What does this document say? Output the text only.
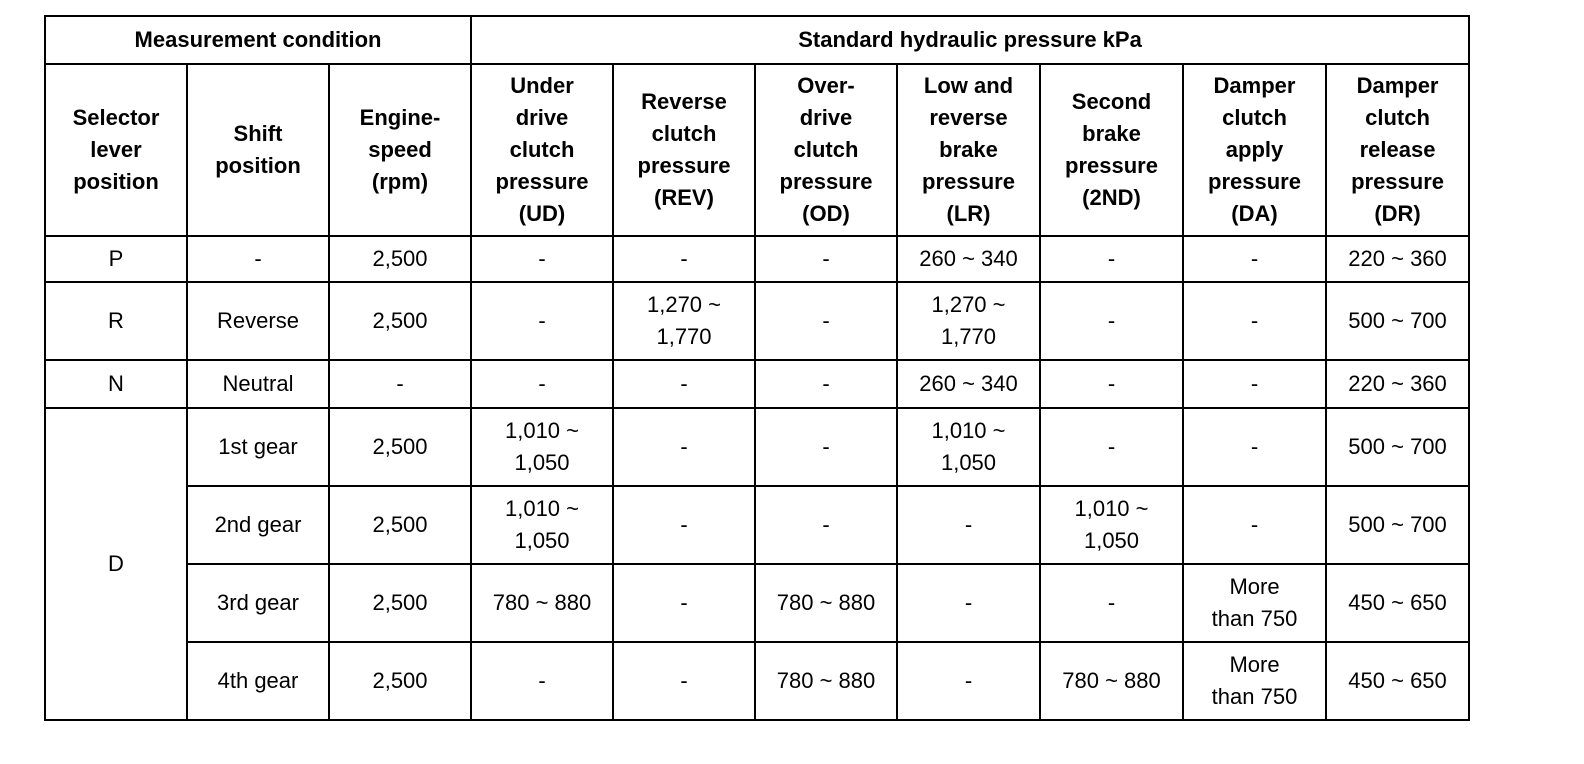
Measurement condition			Standard hydraulic pressure kPa						
Selector
lever
position	Shift
position	Engine-
speed
(rpm)	Under
drive
clutch
pressure
(UD)	Reverse
clutch
pressure
(REV)	Over-
drive
clutch
pressure
(OD)	Low and
reverse
brake
pressure
(LR)	Second
brake
pressure
(2ND)	Damper
clutch
apply
pressure
(DA)	Damper
clutch
release
pressure
(DR)
P	-	2,500	-	-	-	260 ~ 340	-	-	220 ~ 360
R	Reverse	2,500	-	1,270 ~
1,770	-	1,270 ~
1,770	-	-	500 ~ 700
N	Neutral	-	-	-	-	260 ~ 340	-	-	220 ~ 360
D	1st gear	2,500	1,010 ~
1,050	-	-	1,010 ~
1,050	-	-	500 ~ 700
	2nd gear	2,500	1,010 ~
1,050	-	-	-	1,010 ~
1,050	-	500 ~ 700
	3rd gear	2,500	780 ~ 880	-	780 ~ 880	-	-	More
than 750	450 ~ 650
	4th gear	2,500	-	-	780 ~ 880	-	780 ~ 880	More
than 750	450 ~ 650
